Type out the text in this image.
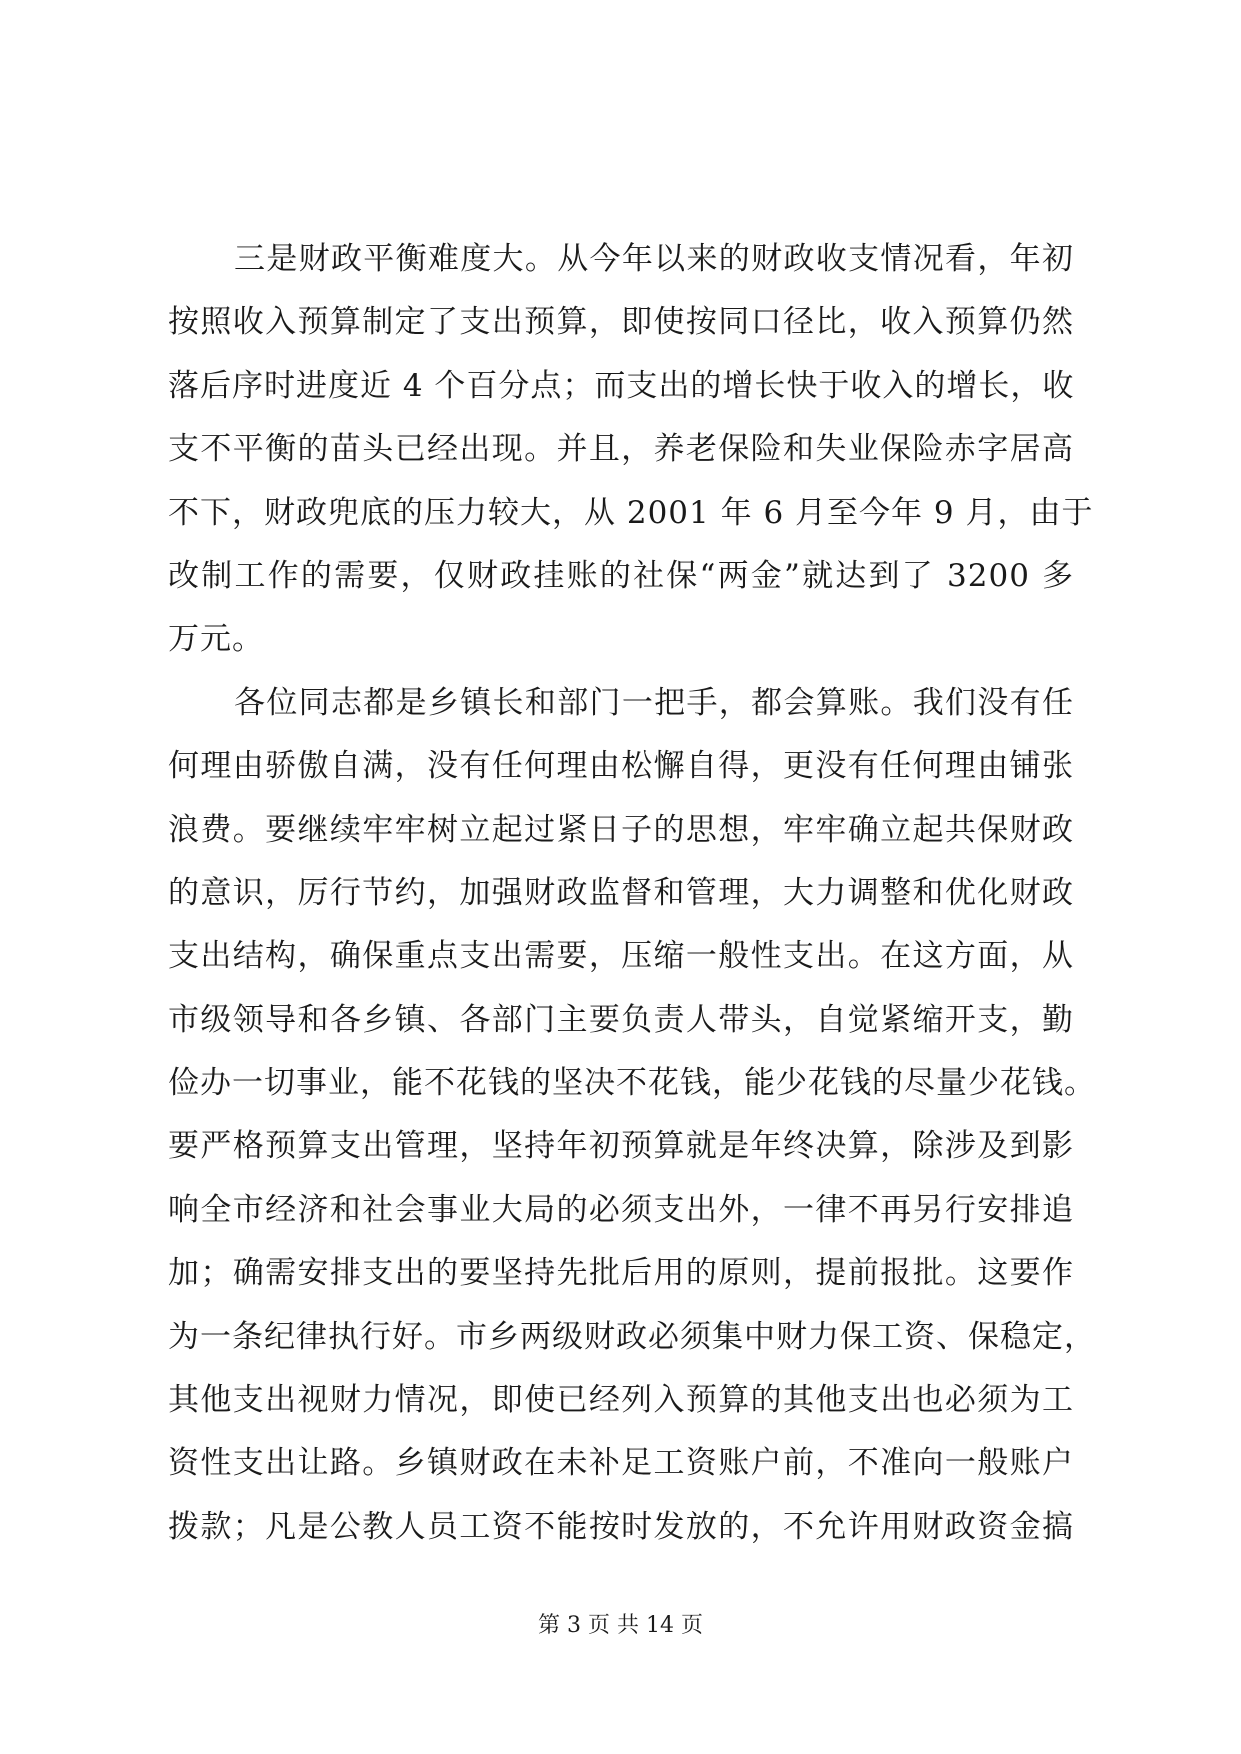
三是财政平衡难度大。从今年以来的财政收支情况看，年初
按照收入预算制定了支出预算，即使按同口径比，收入预算仍然
落后序时进度近 4 个百分点；而支出的增长快于收入的增长，收
支不平衡的苗头已经出现。并且，养老保险和失业保险赤字居高
不下，财政兜底的压力较大，从 2001 年 6 月至今年 9 月，由于
改制工作的需要，仅财政挂账的社保“两金”就达到了 3200 多
万元。
各位同志都是乡镇长和部门一把手，都会算账。我们没有任
何理由骄傲自满，没有任何理由松懈自得，更没有任何理由铺张
浪费。要继续牢牢树立起过紧日子的思想，牢牢确立起共保财政
的意识，厉行节约，加强财政监督和管理，大力调整和优化财政
支出结构，确保重点支出需要，压缩一般性支出。在这方面，从
市级领导和各乡镇、各部门主要负责人带头，自觉紧缩开支，勤
俭办一切事业，能不花钱的坚决不花钱，能少花钱的尽量少花钱。
要严格预算支出管理，坚持年初预算就是年终决算，除涉及到影
响全市经济和社会事业大局的必须支出外，一律不再另行安排追
加；确需安排支出的要坚持先批后用的原则，提前报批。这要作
为一条纪律执行好。市乡两级财政必须集中财力保工资、保稳定，
其他支出视财力情况，即使已经列入预算的其他支出也必须为工
资性支出让路。乡镇财政在未补足工资账户前，不准向一般账户
拨款；凡是公教人员工资不能按时发放的，不允许用财政资金搞
第 3 页 共 14 页
